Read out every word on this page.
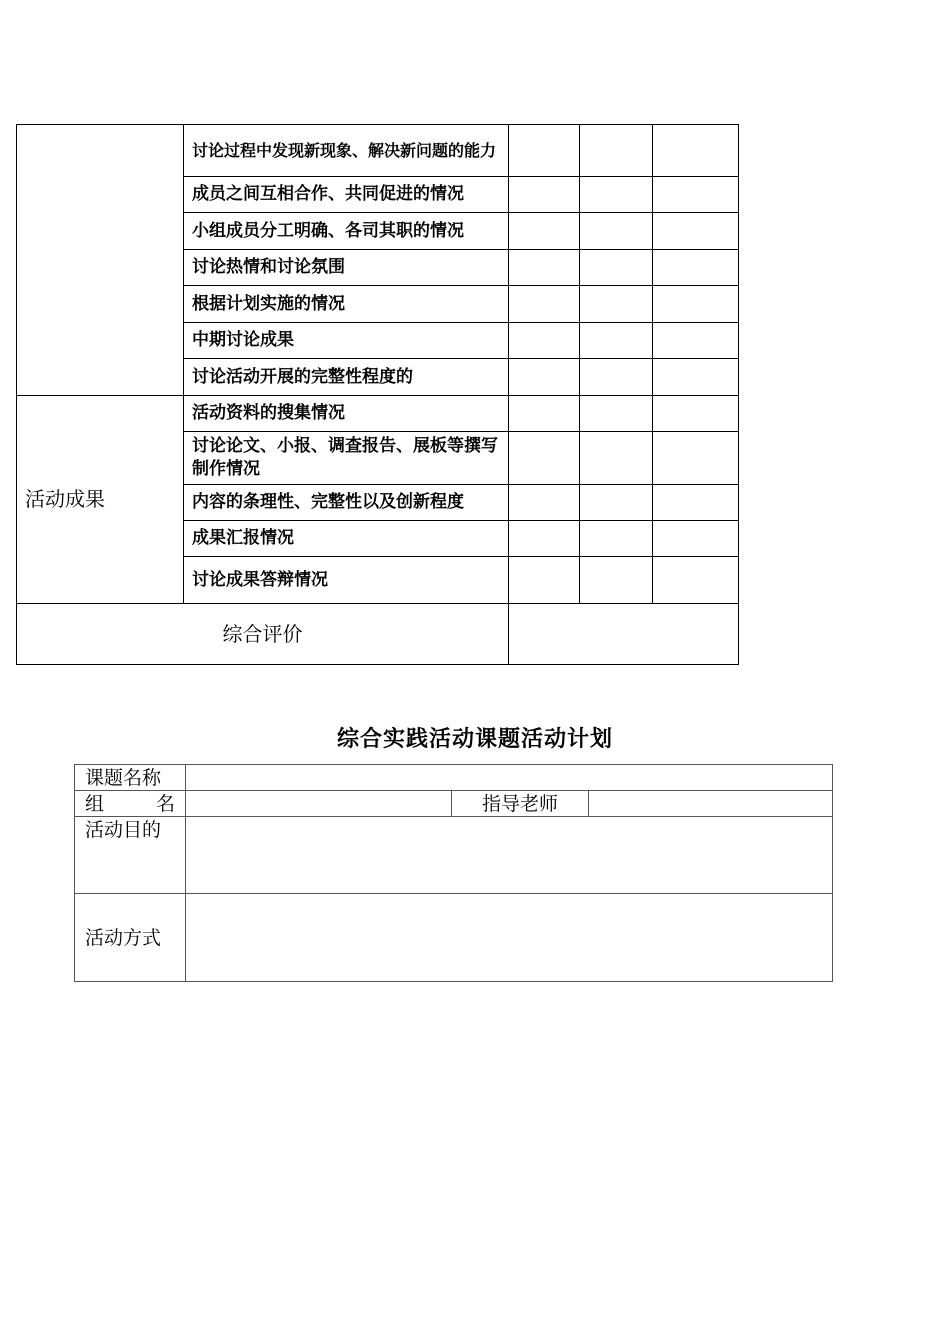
	讨论过程中发现新现象、解决新问题的能力			
	成员之间互相合作、共同促进的情况			
	小组成员分工明确、各司其职的情况			
	讨论热情和讨论氛围			
	根据计划实施的情况			
	中期讨论成果			
	讨论活动开展的完整性程度的			
活动成果	活动资料的搜集情况			
	讨论论文、小报、调查报告、展板等撰写制作情况			
	内容的条理性、完整性以及创新程度			
	成果汇报情况			
	讨论成果答辩情况			
综合评价				
综合实践活动课题活动计划
课题名称			

组 名		指导老师	
活动目的			
活动方式			
